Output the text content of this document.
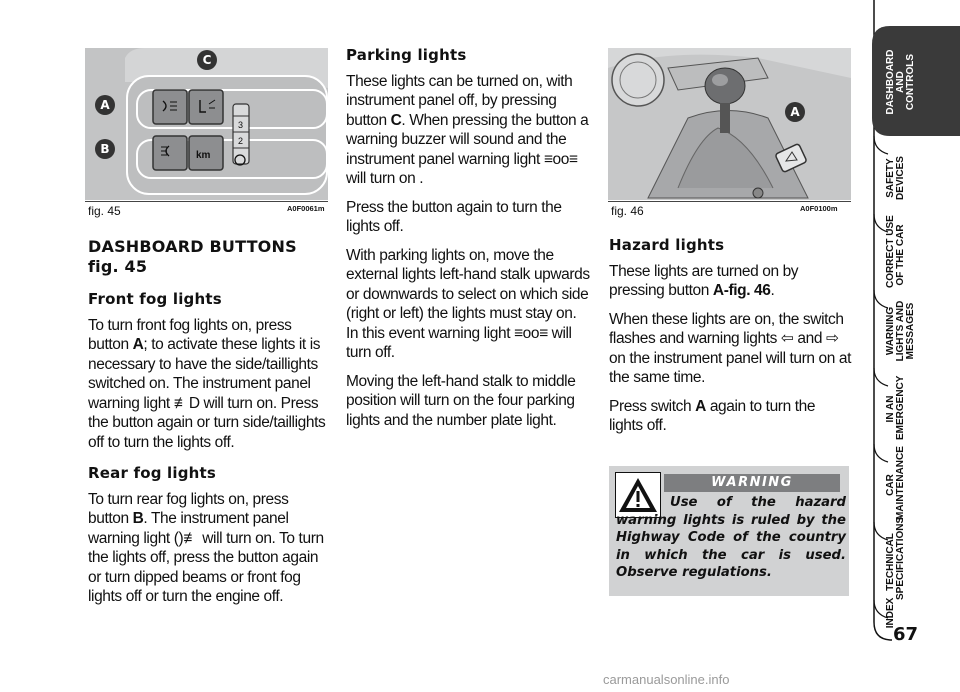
3
2
km
C
A
B
fig. 45	A0F0061m
A
fig. 46	A0F0100m
DASHBOARD BUTTONS
fig. 45
Front fog lights

To turn front fog lights on, press button A; to activate these lights it is necessary to have the side/taillights switched on. The instrument panel warning light ≢D will turn on. Press the button again or turn side/taillights off to turn the lights off.

Rear fog lights

To turn rear fog lights on, press button B. The instrument panel warning light ()≢ will turn on. To turn the lights off, press the button again or turn dipped beams or front fog lights off or turn the engine off.

Parking lights

These lights can be turned on, with instrument panel off, by pressing button C. When pressing the button a warning buzzer will sound and the instrument panel warning light ≡oo≡ will turn on .

Press the button again to turn the lights off.

With parking lights on, move the external lights left-hand stalk upwards or downwards to select on which side (right or left) the lights must stay on. In this event warning light ≡oo≡ will turn off.

Moving the left-hand stalk to middle position will turn on the four parking lights and the number plate light.

Hazard lights

These lights are turned on by pressing button A-fig. 46.

When these lights are on, the switch flashes and warning lights ⇦ and ⇨ on the instrument panel will turn on at the same time.

Press switch A again to turn the lights off.

WARNING
Use of the hazard warning lights is ruled by the Highway Code of the country in which the car is used. Observe regulations.
DASHBOARD
AND
CONTROLS
SAFETY
DEVICES
CORRECT USE
OF THE CAR
WARNING
LIGHTS AND
MESSAGES
IN AN
EMERGENCY
CAR
MAINTENANCE
TECHNICAL
SPECIFICATIONS
INDEX
67
carmanualsonline.info
